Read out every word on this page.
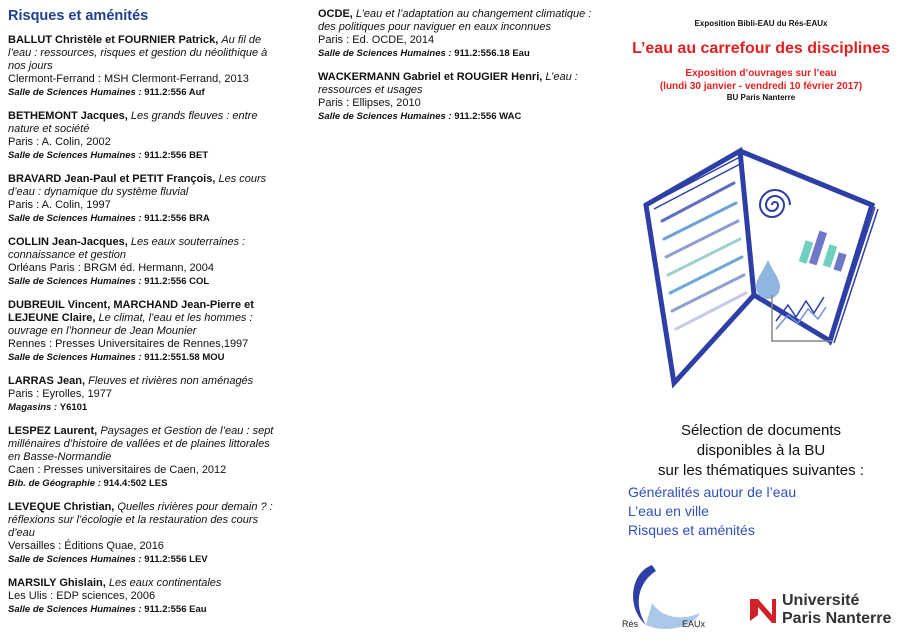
Risques et aménités
BALLUT Christèle et FOURNIER Patrick, Au fil de l’eau : ressources, risques et gestion du néolithique à nos jours
Clermont-Ferrand : MSH Clermont-Ferrand, 2013
Salle de Sciences Humaines : 911.2:556 Auf
BETHEMONT Jacques, Les grands fleuves : entre nature et société
Paris : A. Colin, 2002
Salle de Sciences Humaines : 911.2:556 BET
BRAVARD Jean-Paul et PETIT François, Les cours d’eau : dynamique du système fluvial
Paris : A. Colin, 1997
Salle de Sciences Humaines : 911.2:556 BRA
COLLIN Jean-Jacques, Les eaux souterraines : connaissance et gestion
Orléans Paris : BRGM éd. Hermann, 2004
Salle de Sciences Humaines : 911.2:556 COL
DUBREUIL Vincent, MARCHAND Jean-Pierre et LEJEUNE Claire, Le climat, l’eau et les hommes : ouvrage en l’honneur de Jean Mounier
Rennes : Presses Universitaires de Rennes,1997
Salle de Sciences Humaines : 911.2:551.58 MOU
LARRAS Jean, Fleuves et rivières non aménagés
Paris : Eyrolles, 1977
Magasins : Y6101
LESPEZ Laurent, Paysages et Gestion de l’eau : sept millénaires d’histoire de vallées et de plaines littorales en Basse-Normandie
Caen : Presses universitaires de Caen, 2012
Bib. de Géographie : 914.4:502 LES
LEVEQUE Christian, Quelles rivières pour demain ? : réflexions sur l’écologie et la restauration des cours d’eau
Versailles : Éditions Quae, 2016
Salle de Sciences Humaines : 911.2:556 LEV
MARSILY Ghislain, Les eaux continentales
Les Ulis : EDP sciences, 2006
Salle de Sciences Humaines : 911.2:556 Eau
OCDE, L’eau et l’adaptation au changement climatique : des politiques pour naviguer en eaux inconnues
Paris : Ed. OCDE, 2014
Salle de Sciences Humaines : 911.2:556.18 Eau
WACKERMANN Gabriel et ROUGIER Henri, L’eau : ressources et usages
Paris : Ellipses, 2010
Salle de Sciences Humaines : 911.2:556 WAC
Exposition Bibli-EAU du Rés-EAUx
L’eau au carrefour des disciplines
Exposition d’ouvrages sur l’eau
(lundi 30 janvier - vendredi 10 février 2017)
BU Paris Nanterre
Sélection de documents
disponibles à la BU
sur les thématiques suivantes :
Généralités autour de l’eau
L’eau en ville
Risques et aménités
Rés	EAUx
Université
Paris Nanterre
